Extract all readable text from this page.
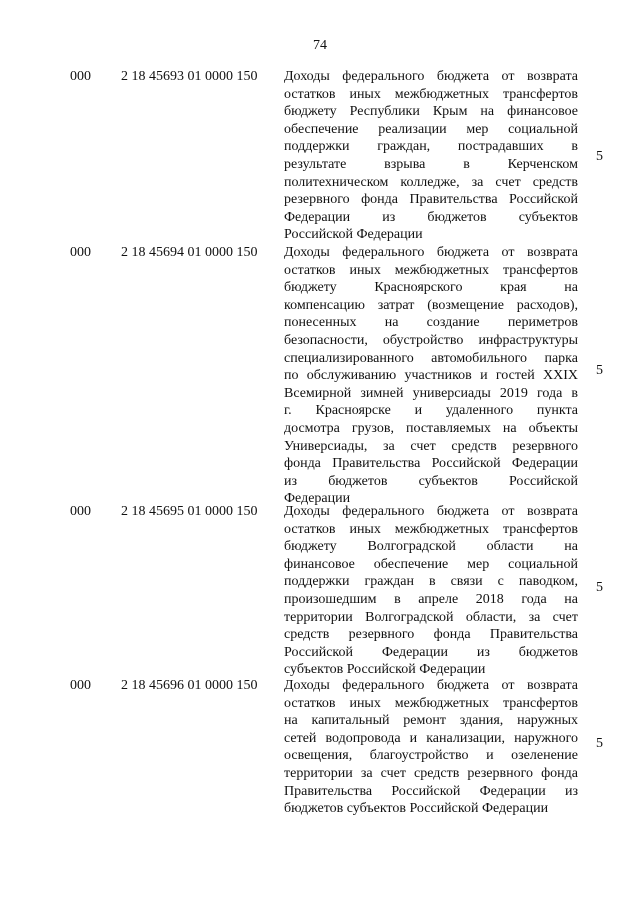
74
000 2 18 45693 01 0000 150 Доходы федерального бюджета от возврата
остатков иных межбюджетных трансфертов
бюджету Республики Крым на финансовое
обеспечение реализации мер социальной
поддержки граждан, пострадавших в
результате взрыва в Керченском
политехническом колледже, за счет средств
резервного фонда Правительства Российской
Федерации из бюджетов субъектов
Российской Федерации
5
000 2 18 45694 01 0000 150 Доходы федерального бюджета от возврата
остатков иных межбюджетных трансфертов
бюджету Красноярского края на
компенсацию затрат (возмещение расходов),
понесенных на создание периметров
безопасности, обустройство инфраструктуры
специализированного автомобильного парка
по обслуживанию участников и гостей XXIX
Всемирной зимней универсиады 2019 года в
г. Красноярске и удаленного пункта
досмотра грузов, поставляемых на объекты
Универсиады, за счет средств резервного
фонда Правительства Российской Федерации
из бюджетов субъектов Российской
Федерации
5
000 2 18 45695 01 0000 150 Доходы федерального бюджета от возврата
остатков иных межбюджетных трансфертов
бюджету Волгоградской области на
финансовое обеспечение мер социальной
поддержки граждан в связи с паводком,
произошедшим в апреле 2018 года на
территории Волгоградской области, за счет
средств резервного фонда Правительства
Российской Федерации из бюджетов
субъектов Российской Федерации
5
000 2 18 45696 01 0000 150 Доходы федерального бюджета от возврата
остатков иных межбюджетных трансфертов
на капитальный ремонт здания, наружных
сетей водопровода и канализации, наружного
освещения, благоустройство и озеленение
территории за счет средств резервного фонда
Правительства Российской Федерации из
бюджетов субъектов Российской Федерации
5
